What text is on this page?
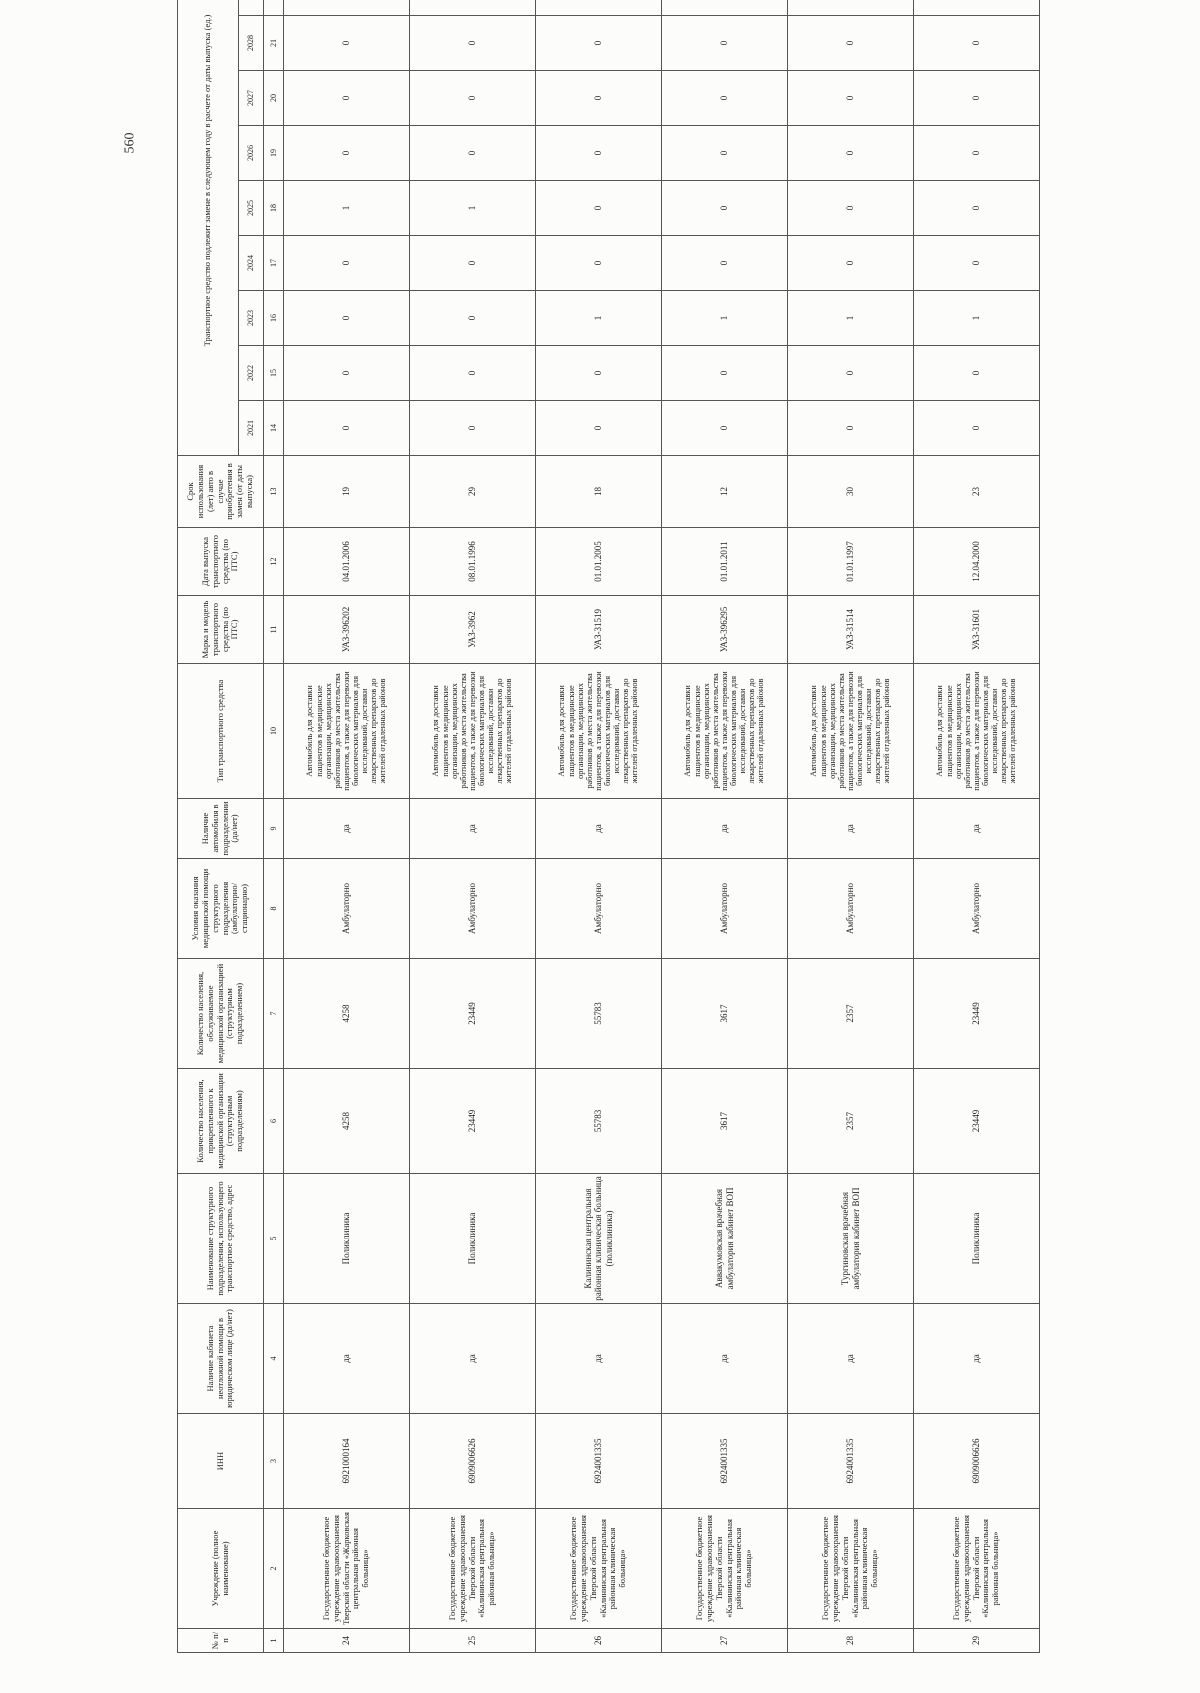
560
№ п/п	Учреждение (полное наименование)	ИНН	Наличие кабинета неотложной помощи в юридическом лице (да/нет)	Наименование структурного подразделения, использующего транспортное средство, адрес	Количество населения, прикрепленного к медицинской организации (структурным подразделениям)	Количество населения, обслуживаемое медицинской организацией (структурным подразделением)	Условия оказания медицинской помощи структурного подразделения (амбулаторно/стационарно)	Наличие автомобиля в подразделении (да/нет)	Тип транспортного средства	Марка и модель транспортного средства (по ПТС)	Дата выпуска транспортного средства (по ПТС)	Срок использования (лет) авто в случае приобретения в замен (от даты выпуска)	Транспортное средство подлежит замене в следующем году в расчете от даты выпуска (ед.)									
													2021	2022	2023	2024	2025	2026	2027	2028		
1	2	3	4	5	6	7	8	9	10	11	12	13	14	15	16	17	18	19	20	21		
24	Государственное бюджетное учреждение здравоохранения Тверской области «Жарковская центральная районная больница»	6921000164	да	Поликлиника	4258	4258	Амбулаторно	да	Автомобиль для доставки пациентов в медицинские организации, медицинских работников до места жительства пациентов, а также для перевозки биологических материалов для исследований, доставки лекарственных препаратов до жителей отдаленных районов	УАЗ-396202	04.01.2006	19	0	0	0	0	1	0	0	0		
25	Государственное бюджетное учреждение здравоохранения Тверской области «Калининская центральная районная больница»	6909006626	да	Поликлиника	23449	23449	Амбулаторно	да	Автомобиль для доставки пациентов в медицинские организации, медицинских работников до места жительства пациентов, а также для перевозки биологических материалов для исследований, доставки лекарственных препаратов до жителей отдаленных районов	УАЗ-3962	08.01.1996	29	0	0	0	0	1	0	0	0		
26	Государственное бюджетное учреждение здравоохранения Тверской области «Калининская центральная районная клиническая больница»	6924001335	да	Калининская центральная районная клиническая больница (поликлиника)	55783	55783	Амбулаторно	да	Автомобиль для доставки пациентов в медицинские организации, медицинских работников до места жительства пациентов, а также для перевозки биологических материалов для исследований, доставки лекарственных препаратов до жителей отдаленных районов	УАЗ-31519	01.01.2005	18	0	0	1	0	0	0	0	0		
27	Государственное бюджетное учреждение здравоохранения Тверской области «Калининская центральная районная клиническая больница»	6924001335	да	Аввакумовская врачебная амбулатория кабинет ВОП	3617	3617	Амбулаторно	да	Автомобиль для доставки пациентов в медицинские организации, медицинских работников до места жительства пациентов, а также для перевозки биологических материалов для исследований, доставки лекарственных препаратов до жителей отдаленных районов	УАЗ-396295	01.01.2011	12	0	0	1	0	0	0	0	0		
28	Государственное бюджетное учреждение здравоохранения Тверской области «Калининская центральная районная клиническая больница»	6924001335	да	Тургиновская врачебная амбулатория кабинет ВОП	2357	2357	Амбулаторно	да	Автомобиль для доставки пациентов в медицинские организации, медицинских работников до места жительства пациентов, а также для перевозки биологических материалов для исследований, доставки лекарственных препаратов до жителей отдаленных районов	УАЗ-31514	01.01.1997	30	0	0	1	0	0	0	0	0		
29	Государственное бюджетное учреждение здравоохранения Тверской области «Калининская центральная районная больница»	6909006626	да	Поликлиника	23449	23449	Амбулаторно	да	Автомобиль для доставки пациентов в медицинские организации, медицинских работников до места жительства пациентов, а также для перевозки биологических материалов для исследований, доставки лекарственных препаратов до жителей отдаленных районов	УАЗ-31601	12.04.2000	23	0	0	1	0	0	0	0	0		
